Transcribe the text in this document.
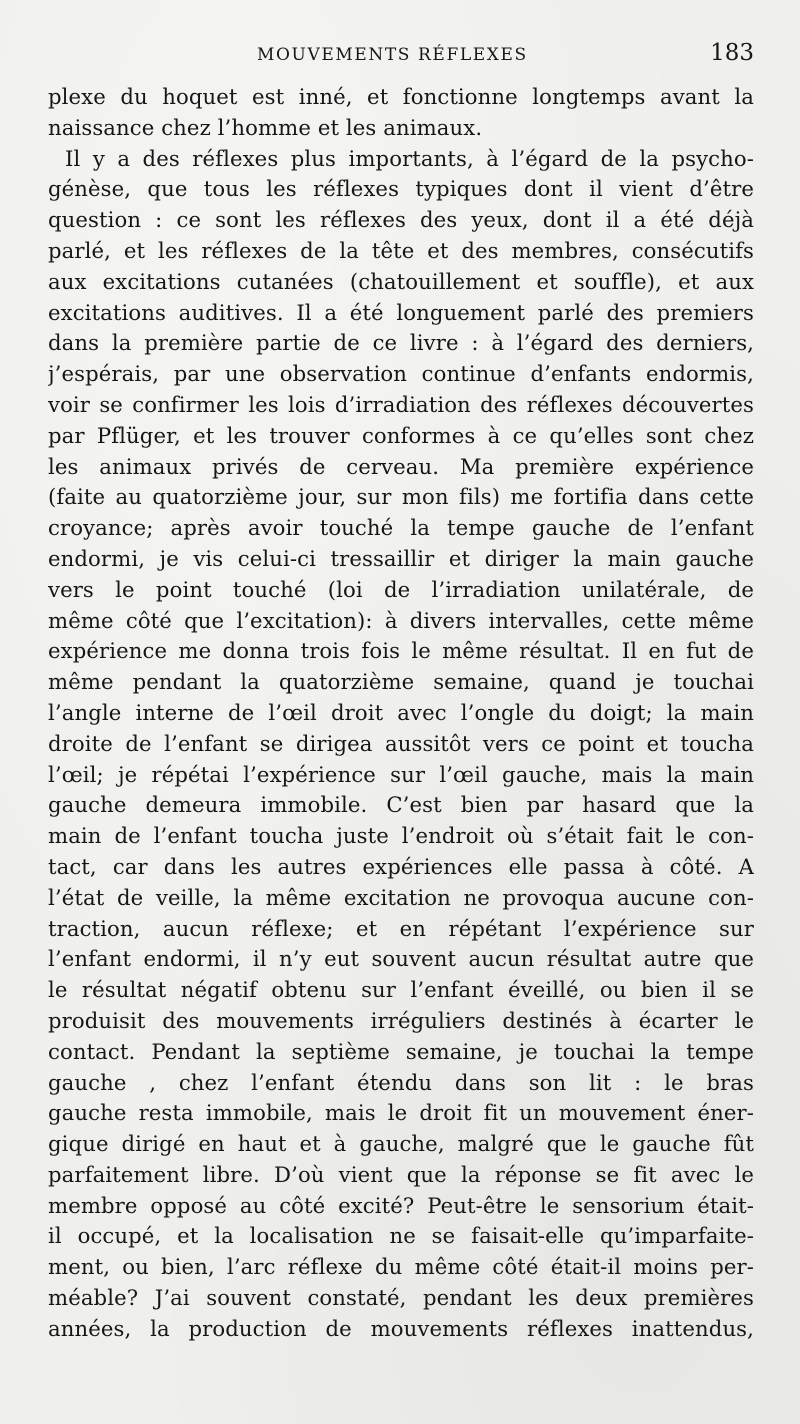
MOUVEMENTS RÉFLEXES	183
plexe du hoquet est inné, et fonctionne longtemps avant la
naissance chez l’homme et les animaux.
Il y a des réflexes plus importants, à l’égard de la psycho-
génèse, que tous les réflexes typiques dont il vient d’être
question : ce sont les réflexes des yeux, dont il a été déjà
parlé, et les réflexes de la tête et des membres, consécutifs
aux excitations cutanées (chatouillement et souffle), et aux
excitations auditives. Il a été longuement parlé des premiers
dans la première partie de ce livre : à l’égard des derniers,
j’espérais, par une observation continue d’enfants endormis,
voir se confirmer les lois d’irradiation des réflexes découvertes
par Pflüger, et les trouver conformes à ce qu’elles sont chez
les animaux privés de cerveau. Ma première expérience
(faite au quatorzième jour, sur mon fils) me fortifia dans cette
croyance; après avoir touché la tempe gauche de l’enfant
endormi, je vis celui-ci tressaillir et diriger la main gauche
vers le point touché (loi de l’irradiation unilatérale, de
même côté que l’excitation): à divers intervalles, cette même
expérience me donna trois fois le même résultat. Il en fut de
même pendant la quatorzième semaine, quand je touchai
l’angle interne de l’œil droit avec l’ongle du doigt; la main
droite de l’enfant se dirigea aussitôt vers ce point et toucha
l’œil; je répétai l’expérience sur l’œil gauche, mais la main
gauche demeura immobile. C’est bien par hasard que la
main de l’enfant toucha juste l’endroit où s’était fait le con-
tact, car dans les autres expériences elle passa à côté. A
l’état de veille, la même excitation ne provoqua aucune con-
traction, aucun réflexe; et en répétant l’expérience sur
l’enfant endormi, il n’y eut souvent aucun résultat autre que
le résultat négatif obtenu sur l’enfant éveillé, ou bien il se
produisit des mouvements irréguliers destinés à écarter le
contact. Pendant la septième semaine, je touchai la tempe
gauche , chez l’enfant étendu dans son lit : le bras
gauche resta immobile, mais le droit fit un mouvement éner-
gique dirigé en haut et à gauche, malgré que le gauche fût
parfaitement libre. D’où vient que la réponse se fit avec le
membre opposé au côté excité? Peut-être le sensorium était-
il occupé, et la localisation ne se faisait-elle qu’imparfaite-
ment, ou bien, l’arc réflexe du même côté était-il moins per-
méable? J’ai souvent constaté, pendant les deux premières
années, la production de mouvements réflexes inattendus,
